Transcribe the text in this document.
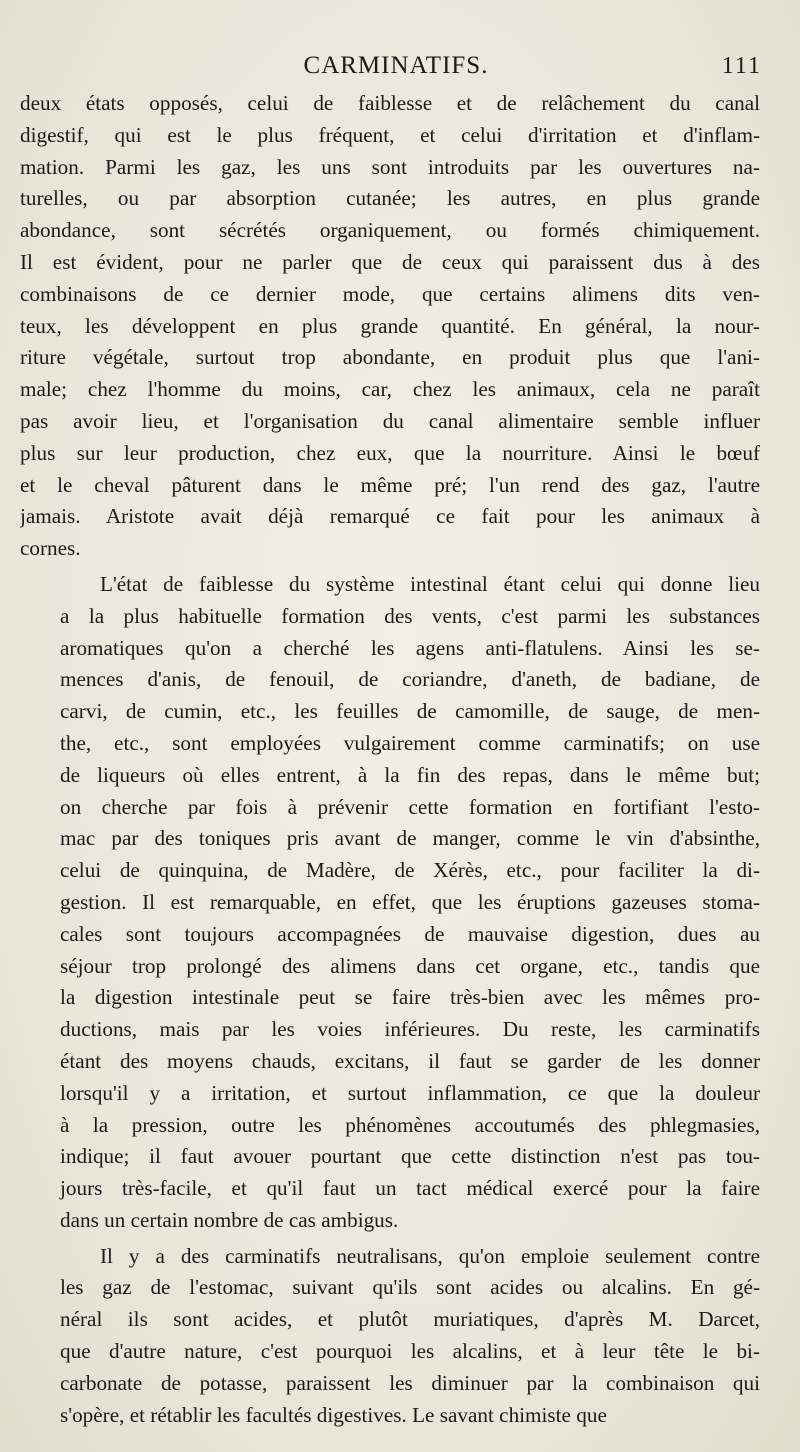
CARMINATIFS.	111
deux états opposés, celui de faiblesse et de relâchement du canal
digestif, qui est le plus fréquent, et celui d'irritation et d'inflam-
mation. Parmi les gaz, les uns sont introduits par les ouvertures na-
turelles, ou par absorption cutanée; les autres, en plus grande
abondance, sont sécrétés organiquement, ou formés chimiquement.
Il est évident, pour ne parler que de ceux qui paraissent dus à des
combinaisons de ce dernier mode, que certains alimens dits ven-
teux, les développent en plus grande quantité. En général, la nour-
riture végétale, surtout trop abondante, en produit plus que l'ani-
male; chez l'homme du moins, car, chez les animaux, cela ne paraît
pas avoir lieu, et l'organisation du canal alimentaire semble influer
plus sur leur production, chez eux, que la nourriture. Ainsi le bœuf
et le cheval pâturent dans le même pré; l'un rend des gaz, l'autre
jamais. Aristote avait déjà remarqué ce fait pour les animaux à
cornes.
L'état de faiblesse du système intestinal étant celui qui donne lieu
a la plus habituelle formation des vents, c'est parmi les substances
aromatiques qu'on a cherché les agens anti-flatulens. Ainsi les se-
mences d'anis, de fenouil, de coriandre, d'aneth, de badiane, de
carvi, de cumin, etc., les feuilles de camomille, de sauge, de men-
the, etc., sont employées vulgairement comme carminatifs; on use
de liqueurs où elles entrent, à la fin des repas, dans le même but;
on cherche par fois à prévenir cette formation en fortifiant l'esto-
mac par des toniques pris avant de manger, comme le vin d'absinthe,
celui de quinquina, de Madère, de Xérès, etc., pour faciliter la di-
gestion. Il est remarquable, en effet, que les éruptions gazeuses stoma-
cales sont toujours accompagnées de mauvaise digestion, dues au
séjour trop prolongé des alimens dans cet organe, etc., tandis que
la digestion intestinale peut se faire très-bien avec les mêmes pro-
ductions, mais par les voies inférieures. Du reste, les carminatifs
étant des moyens chauds, excitans, il faut se garder de les donner
lorsqu'il y a irritation, et surtout inflammation, ce que la douleur
à la pression, outre les phénomènes accoutumés des phlegmasies,
indique; il faut avouer pourtant que cette distinction n'est pas tou-
jours très-facile, et qu'il faut un tact médical exercé pour la faire
dans un certain nombre de cas ambigus.
Il y a des carminatifs neutralisans, qu'on emploie seulement contre
les gaz de l'estomac, suivant qu'ils sont acides ou alcalins. En gé-
néral ils sont acides, et plutôt muriatiques, d'après M. Darcet,
que d'autre nature, c'est pourquoi les alcalins, et à leur tête le bi-
carbonate de potasse, paraissent les diminuer par la combinaison qui
s'opère, et rétablir les facultés digestives. Le savant chimiste que
